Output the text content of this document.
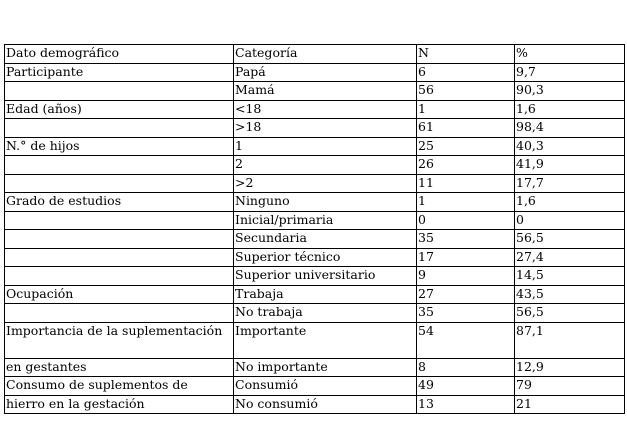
Dato demográfico	Categoría	N	%
Participante	Papá	6	9,7
	Mamá	56	90,3
Edad (años)	<18	1	1,6
	>18	61	98,4
N.° de hijos	1	25	40,3
	2	26	41,9
	>2	11	17,7
Grado de estudios	Ninguno	1	1,6
	Inicial/primaria	0	0
	Secundaria	35	56,5
	Superior técnico	17	27,4
	Superior universitario	9	14,5
Ocupación	Trabaja	27	43,5
	No trabaja	35	56,5
Importancia de la suplementación	Importante	54	87,1
en gestantes	No importante	8	12,9
Consumo de suplementos de	Consumió	49	79
hierro en la gestación	No consumió	13	21
